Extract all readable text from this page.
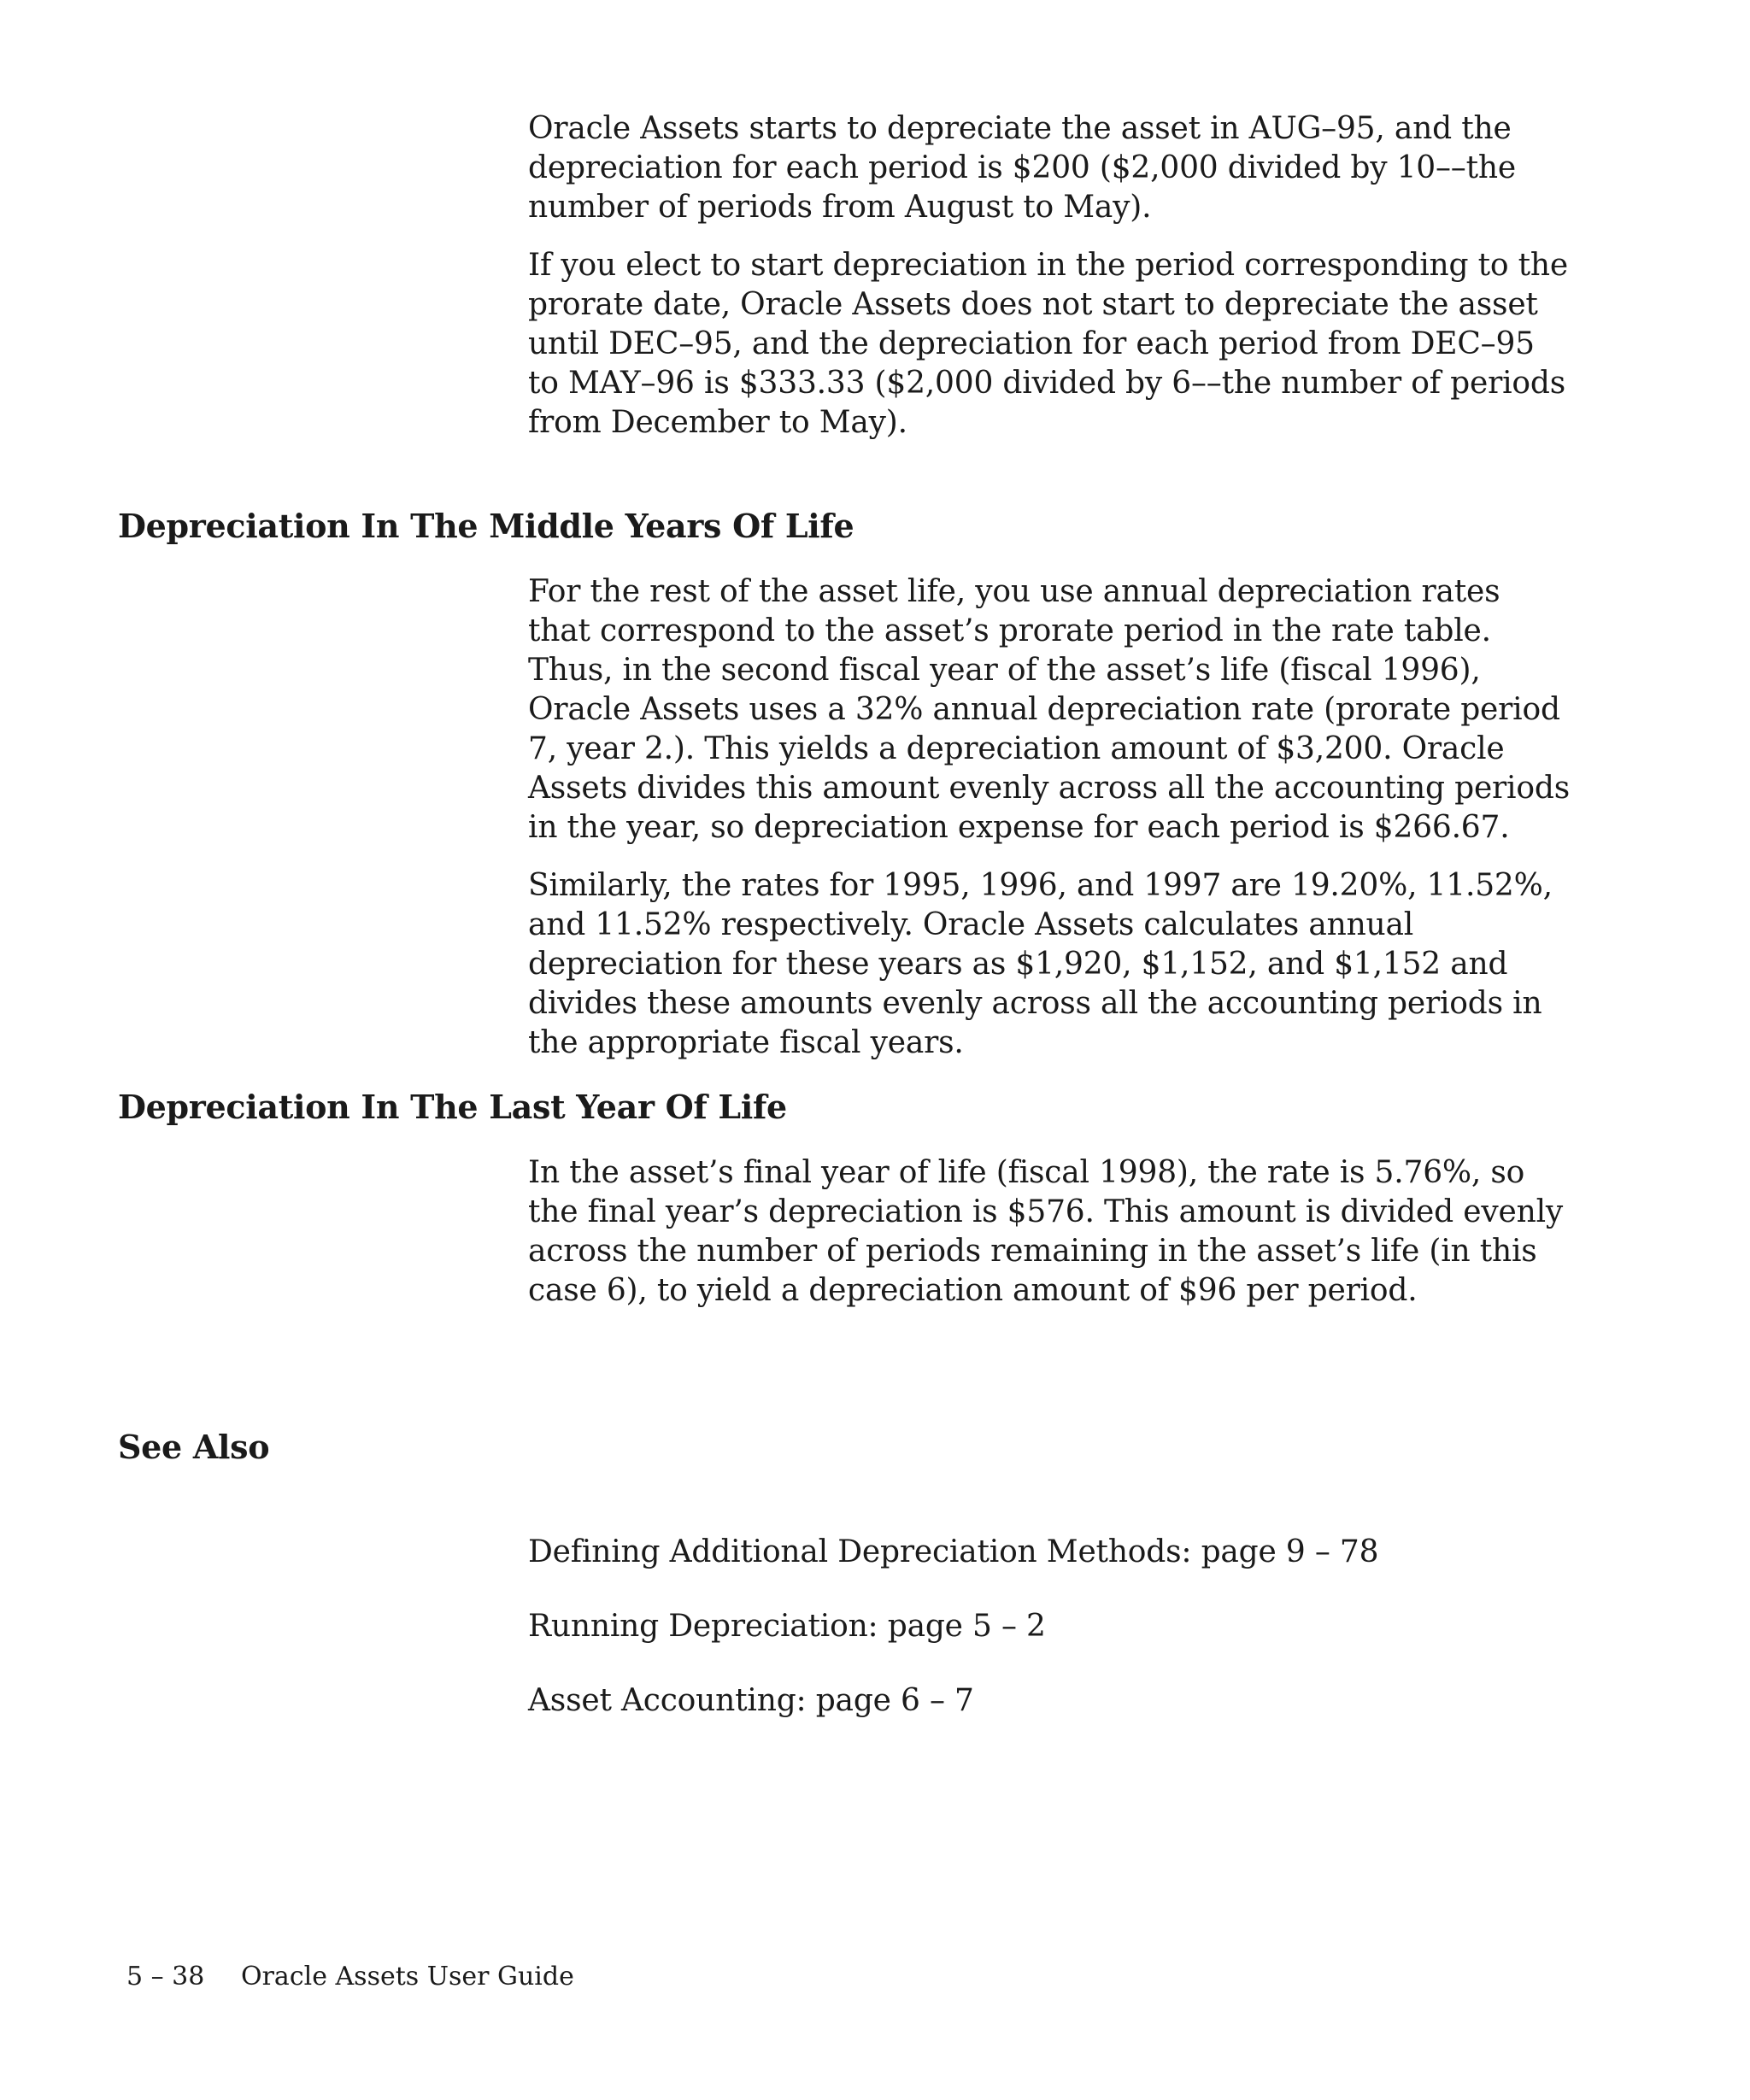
Oracle Assets starts to depreciate the asset in AUG–95, and the depreciation for each period is $200 ($2,000 divided by 10––the number of periods from August to May).

If you elect to start depreciation in the period corresponding to the prorate date, Oracle Assets does not start to depreciate the asset until DEC–95, and the depreciation for each period from DEC–95 to MAY–96 is $333.33 ($2,000 divided by 6––the number of periods from December to May).

Depreciation In The Middle Years Of Life

For the rest of the asset life, you use annual depreciation rates that correspond to the asset’s prorate period in the rate table. Thus, in the second fiscal year of the asset’s life (fiscal 1996), Oracle Assets uses a 32% annual depreciation rate (prorate period 7, year 2.). This yields a depreciation amount of $3,200. Oracle Assets divides this amount evenly across all the accounting periods in the year, so depreciation expense for each period is $266.67.

Similarly, the rates for 1995, 1996, and 1997 are 19.20%, 11.52%, and 11.52% respectively. Oracle Assets calculates annual depreciation for these years as $1,920, $1,152, and $1,152 and divides these amounts evenly across all the accounting periods in the appropriate fiscal years.

Depreciation In The Last Year Of Life

In the asset’s final year of life (fiscal 1998), the rate is 5.76%, so the final year’s depreciation is $576. This amount is divided evenly across the number of periods remaining in the asset’s life (in this case 6), to yield a depreciation amount of $96 per period.

See Also

Defining Additional Depreciation Methods: page 9 – 78

Running Depreciation: page 5 – 2

Asset Accounting: page 6 – 7

5 – 38 Oracle Assets User Guide
